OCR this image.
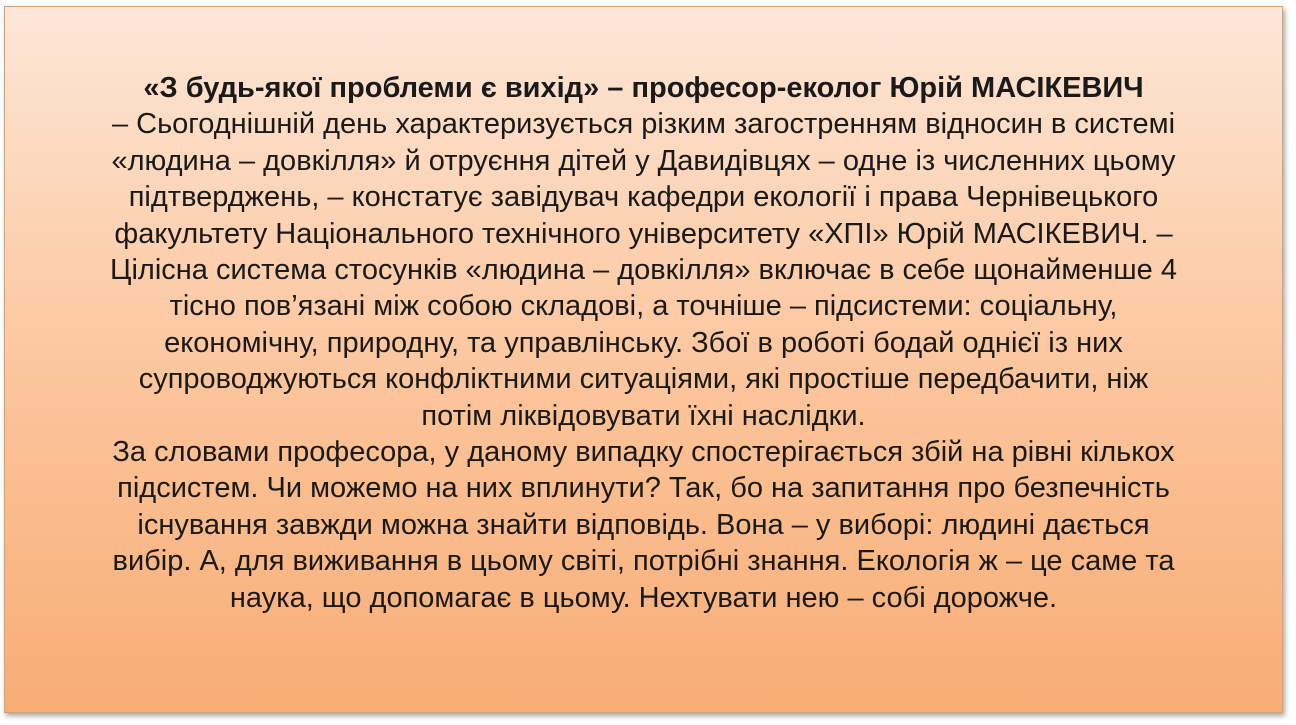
«З будь-якої проблеми є вихід» – професор-еколог Юрій МАСІКЕВИЧ
– Сьогоднішній день характеризується різким загостренням відносин в системі
«людина – довкілля» й отруєння дітей у Давидівцях – одне із численних цьому
підтверджень, – констатує завідувач кафедри екології і права Чернівецького
факультету Національного технічного університету «ХПІ» Юрій МАСІКЕВИЧ. –
Цілісна система стосунків «людина – довкілля» включає в себе щонайменше 4
тісно пов’язані між собою складові, а точніше – підсистеми: соціальну,
економічну, природну, та управлінську. Збої в роботі бодай однієї із них
супроводжуються конфліктними ситуаціями, які простіше передбачити, ніж
потім ліквідовувати їхні наслідки.
За словами професора, у даному випадку спостерігається збій на рівні кількох
підсистем. Чи можемо на них вплинути? Так, бо на запитання про безпечність
існування завжди можна знайти відповідь. Вона – у виборі: людині дається
вибір. А, для виживання в цьому світі, потрібні знання. Екологія ж – це саме та
наука, що допомагає в цьому. Нехтувати нею – собі дорожче.
